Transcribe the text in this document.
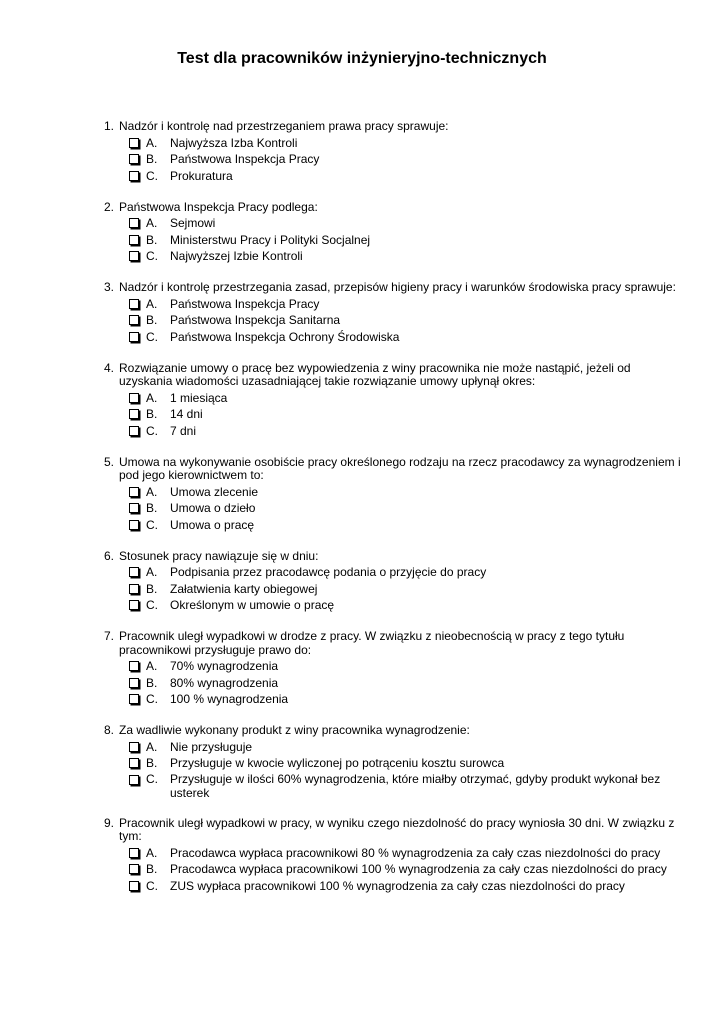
Test dla pracowników inżynieryjno-technicznych
1. Nadzór i kontrolę nad przestrzeganiem prawa pracy sprawuje:
A. Najwyższa Izba Kontroli
B. Państwowa Inspekcja Pracy
C. Prokuratura
2. Państwowa Inspekcja Pracy podlega:
A. Sejmowi
B. Ministerstwu Pracy i Polityki Socjalnej
C. Najwyższej Izbie Kontroli
3. Nadzór i kontrolę przestrzegania zasad, przepisów higieny pracy i warunków środowiska pracy sprawuje:
A. Państwowa Inspekcja Pracy
B. Państwowa Inspekcja Sanitarna
C. Państwowa Inspekcja Ochrony Środowiska
4. Rozwiązanie umowy o pracę bez wypowiedzenia z winy pracownika nie może nastąpić, jeżeli od uzyskania wiadomości uzasadniającej takie rozwiązanie umowy upłynął okres:
A. 1 miesiąca
B. 14 dni
C. 7 dni
5. Umowa na wykonywanie osobiście pracy określonego rodzaju na rzecz pracodawcy za wynagrodzeniem i pod jego kierownictwem to:
A. Umowa zlecenie
B. Umowa o dzieło
C. Umowa o pracę
6. Stosunek pracy nawiązuje się w dniu:
A. Podpisania przez pracodawcę podania o przyjęcie do pracy
B. Załatwienia karty obiegowej
C. Określonym w umowie o pracę
7. Pracownik uległ wypadkowi w drodze z pracy. W związku z nieobecnością w pracy z tego tytułu pracownikowi przysługuje prawo do:
A. 70% wynagrodzenia
B. 80% wynagrodzenia
C. 100 % wynagrodzenia
8. Za wadliwie wykonany produkt z winy pracownika wynagrodzenie:
A. Nie przysługuje
B. Przysługuje w kwocie wyliczonej po potrąceniu kosztu surowca
C. Przysługuje w ilości 60% wynagrodzenia, które miałby otrzymać, gdyby produkt wykonał bez usterek
9. Pracownik uległ wypadkowi w pracy, w wyniku czego niezdolność do pracy wyniosła 30 dni. W związku z tym:
A. Pracodawca wypłaca pracownikowi 80 % wynagrodzenia za cały czas niezdolności do pracy
B. Pracodawca wypłaca pracownikowi 100 % wynagrodzenia za cały czas niezdolności do pracy
C. ZUS wypłaca pracownikowi 100 % wynagrodzenia za cały czas niezdolności do pracy
